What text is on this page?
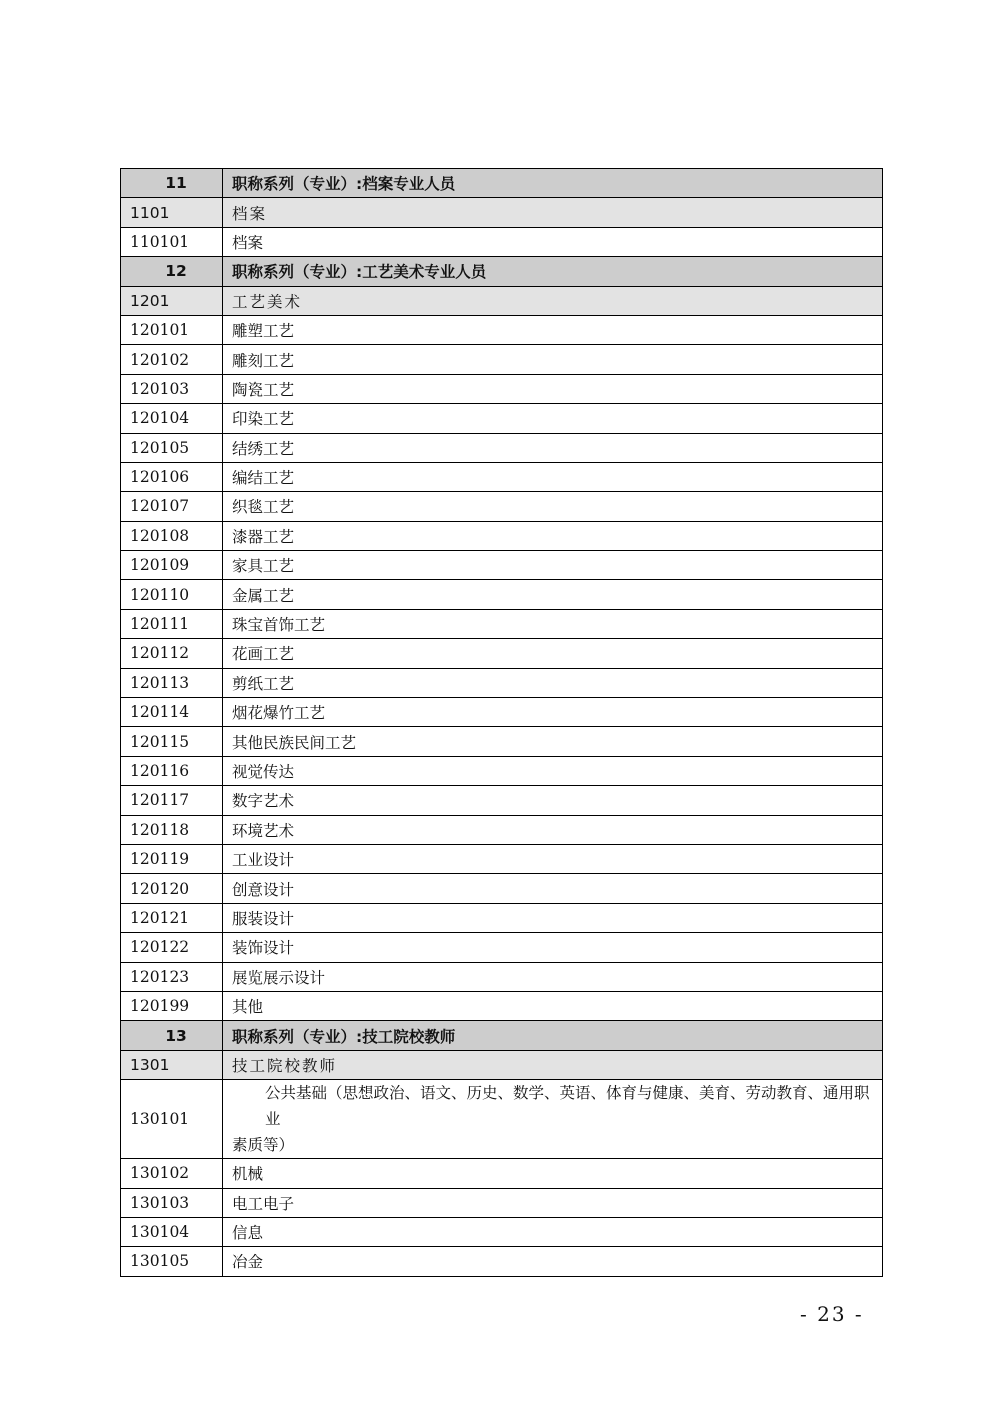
11	职称系列（专业）:档案专业人员
1101	档案
110101	档案
12	职称系列（专业）:工艺美术专业人员
1201	工艺美术
120101	雕塑工艺
120102	雕刻工艺
120103	陶瓷工艺
120104	印染工艺
120105	结绣工艺
120106	编结工艺
120107	织毯工艺
120108	漆器工艺
120109	家具工艺
120110	金属工艺
120111	珠宝首饰工艺
120112	花画工艺
120113	剪纸工艺
120114	烟花爆竹工艺
120115	其他民族民间工艺
120116	视觉传达
120117	数字艺术
120118	环境艺术
120119	工业设计
120120	创意设计
120121	服装设计
120122	装饰设计
120123	展览展示设计
120199	其他
13	职称系列（专业）:技工院校教师
1301	技工院校教师
130101	公共基础（思想政治、语文、历史、数学、英语、体育与健康、美育、劳动教育、通用职业
素质等）

130102	机械
130103	电工电子
130104	信息
130105	冶金
- 23 -
